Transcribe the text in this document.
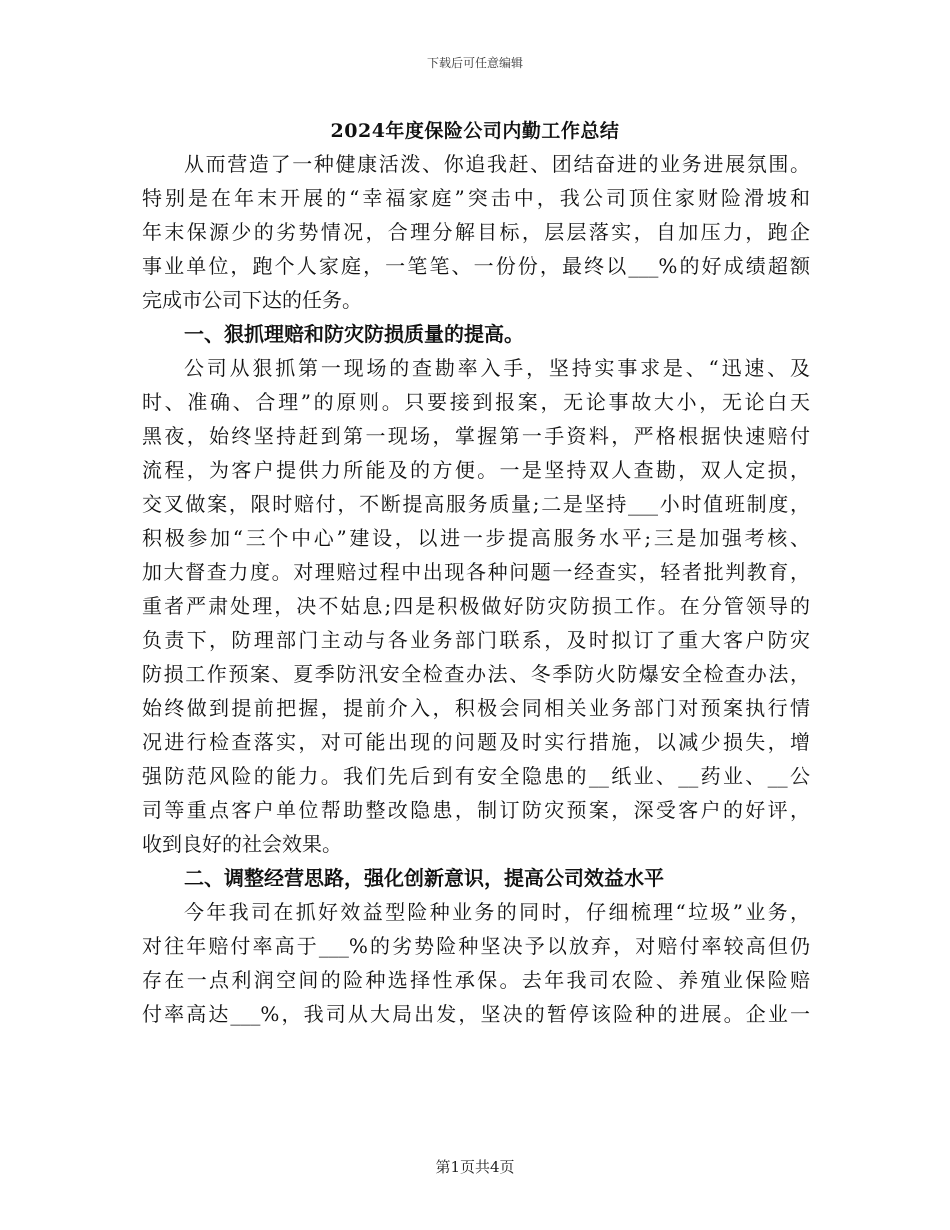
下载后可任意编辑
2024年度保险公司内勤工作总结
从而营造了一种健康活泼、你追我赶、团结奋进的业务进展氛围。
特别是在年末开展的“幸福家庭”突击中，我公司顶住家财险滑坡和
年末保源少的劣势情况，合理分解目标，层层落实，自加压力，跑企
事业单位，跑个人家庭，一笔笔、一份份，最终以___%的好成绩超额
完成市公司下达的任务。
一、狠抓理赔和防灾防损质量的提高。
公司从狠抓第一现场的查勘率入手，坚持实事求是、“迅速、及
时、准确、合理”的原则。只要接到报案，无论事故大小，无论白天
黑夜，始终坚持赶到第一现场，掌握第一手资料，严格根据快速赔付
流程，为客户提供力所能及的方便。一是坚持双人查勘，双人定损，
交叉做案，限时赔付，不断提高服务质量;二是坚持___小时值班制度，
积极参加“三个中心”建设，以进一步提高服务水平;三是加强考核、
加大督查力度。对理赔过程中出现各种问题一经查实，轻者批判教育，
重者严肃处理，决不姑息;四是积极做好防灾防损工作。在分管领导的
负责下，防理部门主动与各业务部门联系，及时拟订了重大客户防灾
防损工作预案、夏季防汛安全检查办法、冬季防火防爆安全检查办法，
始终做到提前把握，提前介入，积极会同相关业务部门对预案执行情
况进行检查落实，对可能出现的问题及时实行措施，以减少损失，增
强防范风险的能力。我们先后到有安全隐患的__纸业、__药业、__公
司等重点客户单位帮助整改隐患，制订防灾预案，深受客户的好评，
收到良好的社会效果。
二、调整经营思路，强化创新意识，提高公司效益水平
今年我司在抓好效益型险种业务的同时，仔细梳理“垃圾”业务，
对往年赔付率高于___%的劣势险种坚决予以放弃，对赔付率较高但仍
存在一点利润空间的险种选择性承保。去年我司农险、养殖业保险赔
付率高达___%，我司从大局出发，坚决的暂停该险种的进展。企业一
第1页共4页
